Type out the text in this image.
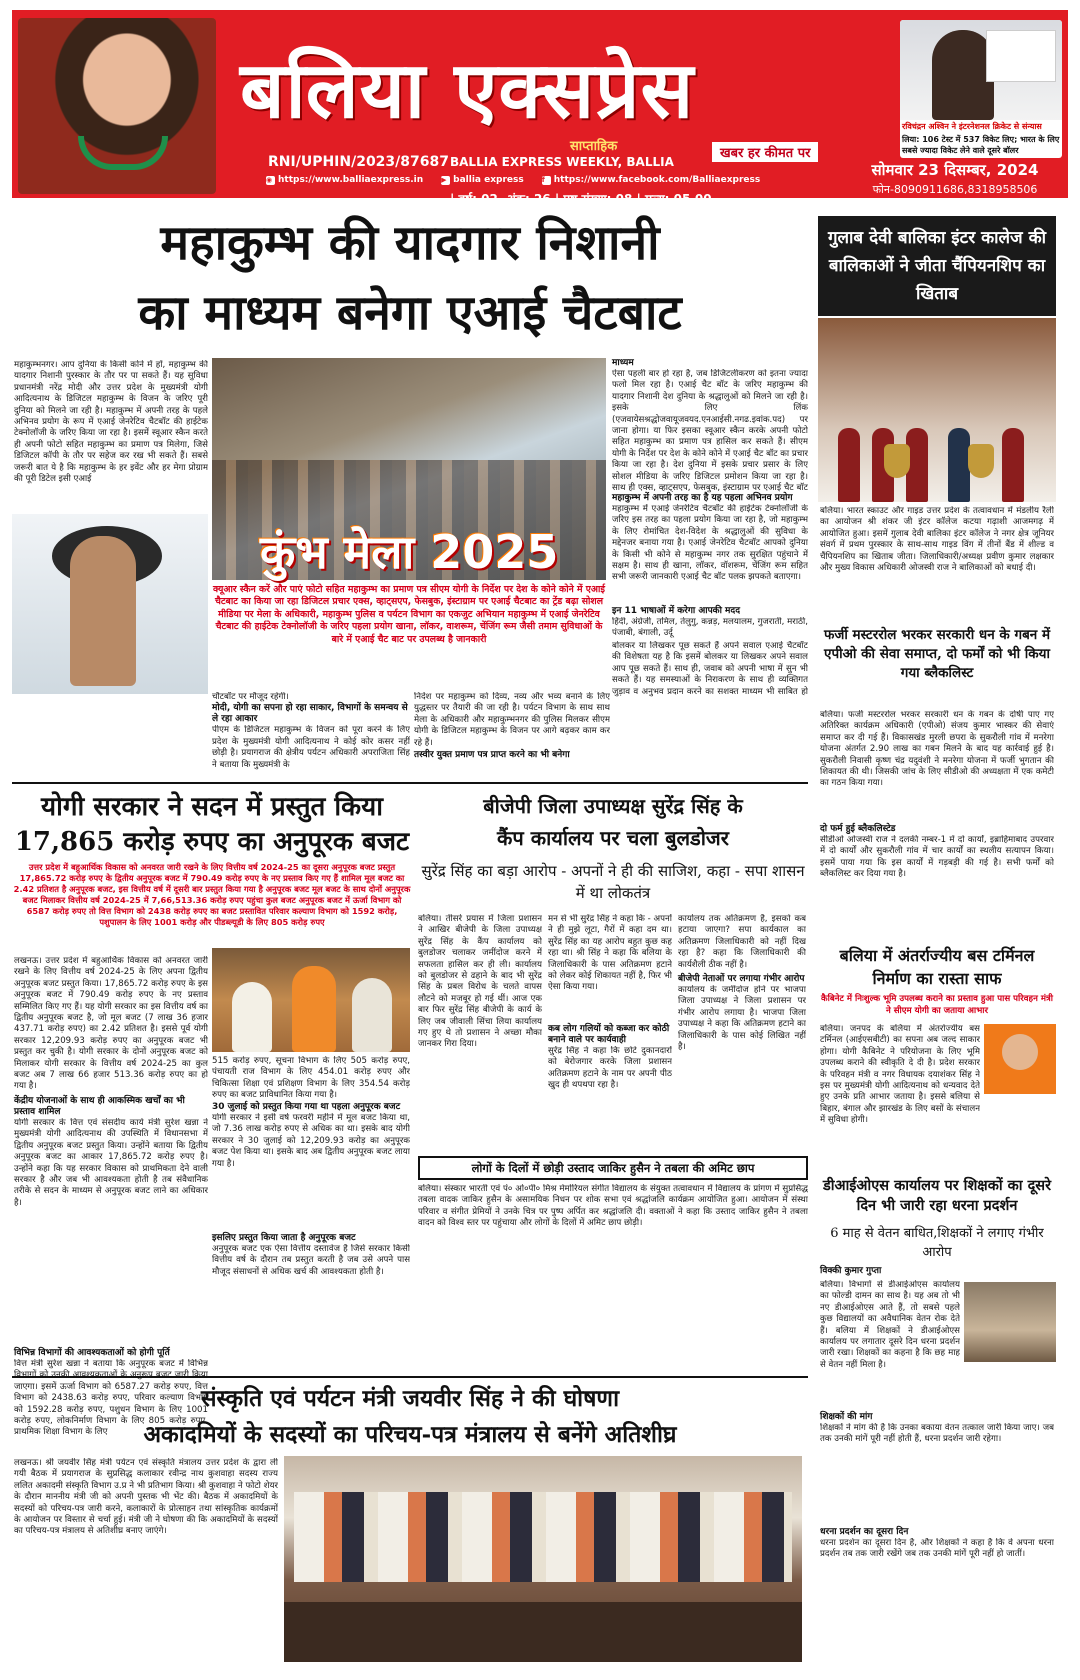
बलिया एक्सप्रेस
साप्ताहिक	खबर हर कीमत पर
RNI/UPHIN/2023/87687 BALLIA EXPRESS WEEKLY, BALLIA
◉ https://www.balliaexpress.in	▶ ballia express	f https://www.facebook.com/Balliaexpress
| वर्ष: 02, अंक: 26 | पृष्ठ संख्या: 08 | मूल्य: 05.00
रविचंद्रन अश्विन ने इंटरनेशनल क्रिकेट से संन्यास
लिया: 106 टेस्ट में 537 विकेट लिए; भारत के लिए सबसे ज्यादा विकेट लेने वाले दूसरे बॉलर
सोमवार 23 दिसम्बर, 2024
फोन-8090911686,8318958506
महाकुम्भ की यादगार निशानी
का माध्यम बनेगा एआई चैटबाट
महाकुम्भनगर। आप दुनिया के किसी कोने में हों, महाकुम्भ की यादगार निशानी पुरस्कार के तौर पर पा सकते हैं। यह सुविधा प्रधानमंत्री नरेंद्र मोदी और उत्तर प्रदेश के मुख्यमंत्री योगी आदित्यनाथ के डिजिटल महाकुम्भ के विजन के जरिए पूरी दुनिया को मिलने जा रही है। महाकुम्भ में अपनी तरह के पहले अभिनव प्रयोग के रूप में एआई जेनरेटिव चैटबॉट की हाईटेक टेक्नोलॉजी के जरिए किया जा रहा है। इसमें स्वूआर स्कैन करते ही अपनी फोटो सहित महाकुम्भ का प्रमाण पत्र मिलेगा, जिसे डिजिटल कॉपी के तौर पर सहेज कर रख भी सकते हैं। सबसे जरूरी बात ये है कि महाकुम्भ के हर इवेंट और हर मेगा प्रोग्राम की पूरी डिटेल इसी एआई
कुंभ मेला 2025
क्यूआर स्कैन करें और पाएं फोटो सहित महाकुम्भ का प्रमाण पत्र सीएम योगी के निर्देश पर देश के कोने कोने में एआई चैटबाट का किया जा रहा डिजिटल प्रचार एक्स, व्हाट्सएप, फेसबुक, इंस्टाग्राम पर एआई चैटबाट का ट्रेंड बढ़ा सोशल मीडिया पर मेला के अधिकारी, महाकुम्भ पुलिस व पर्यटन विभाग का एकजुट अभियान महाकुम्भ में एआई जेनरेटिव चैटबाट की हाईटेक टेक्नोलॉजी के जरिए पहला प्रयोग खाना, लॉकर, वाशरूम, चेंजिंग रूम जैसी तमाम सुविधाओं के बारे में एआई चैट बाट पर उपलब्ध है जानकारी
माध्यम
ऐसा पहली बार हो रहा है, जब डिजिटलीकरण को इतना ज्यादा फलो मिल रहा है। एआई चैट बॉट के जरिए महाकुम्भ की यादगार निशानी देश दुनिया के श्रद्धालुओं को मिलने जा रही है। इसके लिए लिंक (एजवायेसश्रद्धोजवायूजवयद.एनआईसी.नगढ.इवांक.पद) पर जाना होगा। या फिर इसका स्वूआर स्कैन करके अपनी फोटो सहित महाकुम्भ का प्रमाण पत्र हासिल कर सकते हैं। सीएम योगी के निर्देश पर देश के कोने कोने में एआई चैट बॉट का प्रचार किया जा रहा है। देश दुनिया में इसके प्रचार प्रसार के लिए सोशल मीडिया के जरिए डिजिटल प्रमोशन किया जा रहा है। साथ ही एक्स, व्हाट्सएप, फेसबुक, इंस्टाग्राम पर एआई चैट बॉट
महाकुम्भ में अपनी तरह का है यह पहला अभिनव प्रयोग
महाकुम्भ में एआई जेनरेटिव चैटबॉट की हाईटेक टेक्नोलॉजी के जरिए इस तरह का पहला प्रयोग किया जा रहा है, जो महाकुम्भ के लिए रोमांचित देश-विदेश के श्रद्धालुओं की सुविधा के मद्देनजर बनाया गया है। एआई जेनरेटिव चैटबॉट आपको दुनिया के किसी भी कोने से महाकुम्भ नगर तक सुरक्षित पहुंचाने में सक्षम है। साथ ही खाना, लॉकर, वॉशरूम, चेंजिंग रूम सहित सभी जरूरी जानकारी एआई चैट बॉट पलक झपकते बताएगा।
इन 11 भाषाओं में करेगा आपकी मदद
हिंदी, अंग्रेजी, तमिल, तेलुगु, कन्नड़, मलयालम, गुजराती, मराठी, पंजाबी, बंगाली, उर्दू
बोलकर या लिखकर पूछ सकते हैं अपने सवाल एआई चैटबॉट की विशेषता यह है कि इसमें बोलकर या लिखकर अपने सवाल आप पूछ सकते हैं। साथ ही, जवाब को अपनी भाषा में सुन भी सकते हैं। यह समस्याओं के निराकरण के साथ ही व्यक्तिगत जुड़ाव व अनुभव प्रदान करने का सशक्त माध्यम भी साबित हो
चौटबॉट पर मौजूद रहेगी।
मोदी, योगी का सपना हो रहा साकार, विभागों के समन्वय से ले रहा आकार
पीएम के डिजिटल महाकुम्भ के विजन को पूरा करने के लिए प्रदेश के मुख्यमंत्री योगी आदित्यनाथ ने कोई कोर कसर नहीं छोड़ी है। प्रयागराज की क्षेत्रीय पर्यटन अधिकारी अपराजिता सिंह ने बताया कि मुख्यमंत्री के
निर्देश पर महाकुम्भ को दिव्य, नव्य और भव्य बनाने के लिए युद्धस्तर पर तैयारी की जा रही है। पर्यटन विभाग के साथ साथ मेला के अधिकारी और महाकुम्भनगर की पुलिस मिलकर सीएम योगी के डिजिटल महाकुम्भ के विजन पर आगे बढ़कर काम कर रहे हैं।
तस्वीर युक्त प्रमाण पत्र प्राप्त करने का भी बनेगा
योगी सरकार ने सदन में प्रस्तुत किया
17,865 करोड़ रुपए का अनुपूरक बजट
उत्तर प्रदेश में बहुआर्थिक विकास को अनवरत जारी रखने के लिए वित्तीय वर्ष 2024-25 का दूसरा अनुपूरक बजट प्रस्तुत 17,865.72 करोड़ रुपए के द्वितीय अनुपूरक बजट में 790.49 करोड़ रुपए के नए प्रस्ताव किए गए हैं शामिल मूल बजट का 2.42 प्रतिशत है अनुपूरक बजट, इस वित्तीय वर्ष में दूसरी बार प्रस्तुत किया गया है अनुपूरक बजट मूल बजट के साथ दोनों अनुपूरक बजट मिलाकर वित्तीय वर्ष 2024-25 में 7,66,513.36 करोड़ रुपए पहुंचा कुल बजट अनुपूरक बजट में ऊर्जा विभाग को 6587 करोड़ रुपए तो वित्त विभाग को 2438 करोड़ रुपए का बजट प्रस्तावित परिवार कल्याण विभाग को 1592 करोड़, पशुपालन के लिए 1001 करोड़ और पीडब्ल्यूडी के लिए 805 करोड़ रुपए
लखनऊ। उत्तर प्रदेश में बहुआर्थिक विकास को अनवरत जारी रखने के लिए वित्तीय वर्ष 2024-25 के लिए अपना द्वितीय अनुपूरक बजट प्रस्तुत किया। 17,865.72 करोड़ रुपए के इस अनुपूरक बजट में 790.49 करोड़ रुपए के नए प्रस्ताव सम्मिलित किए गए हैं। यह योगी सरकार का इस वित्तीय वर्ष का द्वितीय अनुपूरक बजट है, जो मूल बजट (7 लाख 36 हजार 437.71 करोड़ रुपए) का 2.42 प्रतिशत है। इससे पूर्व योगी सरकार 12,209.93 करोड़ रुपए का अनुपूरक बजट भी प्रस्तुत कर चुकी है। योगी सरकार के दोनों अनुपूरक बजट को मिलाकर योगी सरकार के वित्तीय वर्ष 2024-25 का कुल बजट अब 7 लाख 66 हजार 513.36 करोड़ रुपए का हो गया है।
केंद्रीय योजनाओं के साथ ही आकस्मिक खर्चों का भी प्रस्ताव शामिल
योगी सरकार के वित्त एवं संसदीय कार्य मंत्री सुरेश खन्ना ने मुख्यमंत्री योगी आदित्यनाथ की उपस्थिति में विधानसभा में द्वितीय अनुपूरक बजट प्रस्तुत किया। उन्होंने बताया कि द्वितीय अनुपूरक बजट का आकार 17,865.72 करोड़ रुपए है। उन्होंने कहा कि यह सरकार विकास को प्राथमिकता देने वाली सरकार है और जब भी आवश्यकता होती है तब संवैधानिक तरीके से सदन के माध्यम से अनुपूरक बजट लाने का अधिकार है।
विभिन्न विभागों की आवश्यकताओं को होगी पूर्ति
वित्त मंत्री सुरेश खन्ना ने बताया कि अनुपूरक बजट में विभिन्न विभागों को उनकी आवश्यकताओं के अनुरूप बजट जारी किया जाएगा। इसमें ऊर्जा विभाग को 6587.27 करोड़ रुपए, वित्त विभाग को 2438.63 करोड़ रुपए, परिवार कल्याण विभाग को 1592.28 करोड़ रुपए, पशुधन विभाग के लिए 1001 करोड़ रुपए, लोकनिर्माण विभाग के लिए 805 करोड़ रुपए, प्राथमिक शिक्षा विभाग के लिए
515 करोड़ रुपए, सूचना विभाग के लिए 505 करोड़ रुपए, पंचायती राज विभाग के लिए 454.01 करोड़ रुपए और चिकित्सा शिक्षा एवं प्रशिक्षण विभाग के लिए 354.54 करोड़ रुपए का बजट प्राविधानित किया गया है।
30 जुलाई को प्रस्तुत किया गया था पहला अनुपूरक बजट
योगी सरकार ने इसी वर्ष फरवरी महीने में मूल बजट किया था, जो 7.36 लाख करोड़ रुपए से अधिक का था। इसके बाद योगी सरकार ने 30 जुलाई को 12,209.93 करोड़ का अनुपूरक बजट पेश किया था। इसके बाद अब द्वितीय अनुपूरक बजट लाया गया है।
इसलिए प्रस्तुत किया जाता है अनुपूरक बजट
अनुपूरक बजट एक ऐसा वित्तीय दस्तावेज है जिसे सरकार किसी वित्तीय वर्ष के दौरान तब प्रस्तुत करती है जब उसे अपने पास मौजूद संसाधनों से अधिक खर्च की आवश्यकता होती है।
बीजेपी जिला उपाध्यक्ष सुरेंद्र सिंह के
कैंप कार्यालय पर चला बुलडोजर
सुरेंद्र सिंह का बड़ा आरोप - अपनों ने ही की साजिश, कहा - सपा शासन में था लोकतंत्र
बलिया। तीसरे प्रयास में जिला प्रशासन ने आखिर बीजेपी के जिला उपाध्यक्ष सुरेंद्र सिंह के कैंप कार्यालय को बुलडोजर चलाकर जमींदोज करने में सफलता हासिल कर ही ली। कार्यालय को बुलडोजर से ढहाने के बाद भी सुरेंद्र सिंह के प्रबल विरोध के चलते वापस लौटने को मजबूर हो गई थीं। आज एक बार फिर सुरेंद्र सिंह बीजेपी के कार्य के लिए जब जीवाली सिंचा लिया कार्यालय गए हुए थे तो प्रशासन ने अच्छा मौका जानकर गिरा दिया।
मन से भी सुरेंद्र सिंह ने कहा कि - अपनों ने ही मुझे लूटा, गैरों में कहा दम था। सुरेंद्र सिंह का यह आरोप बहुत कुछ कह रहा था। श्री सिंह ने कहा कि बलिया के जिलाधिकारी के पास अतिक्रमण हटाने को लेकर कोई शिकायत नहीं है, फिर भी ऐसा किया गया।
कब लोग गलियों को कब्जा कर कोठी बनाने वाले पर कार्यवाही
सुरेंद्र सिंह ने कहा कि छोटे दुकानदारों को बेरोजगार करके जिला प्रशासन अतिक्रमण हटाने के नाम पर अपनी पीठ खुद ही थपथपा रहा है।
कार्यालय तक अतिक्रमण है, इसको कब हटाया जाएगा? सपा कार्यकाल का अतिक्रमण जिलाधिकारी को नहीं दिख रहा है? कहा कि जिलाधिकारी की कार्यशैली ठीक नहीं है।
बीजेपी नेताओं पर लगाया गंभीर आरोप
कार्यालय के जमींदोज होने पर भाजपा जिला उपाध्यक्ष ने जिला प्रशासन पर गंभीर आरोप लगाया है। भाजपा जिला उपाध्यक्ष ने कहा कि अतिक्रमण हटाने का जिलाधिकारी के पास कोई लिखित नहीं है।
लोगों के दिलों में छोड़ी उस्ताद जाकिर हुसैन ने तबला की अमिट छाप
बलिया। संस्कार भारती एवं पं० ओ०पी० मिश्र मेमोरियल संगीत विद्यालय के संयुक्त तत्वावधान में विद्यालय के प्रांगण में सुप्रसिद्ध तबला वादक जाकिर हुसैन के असामयिक निधन पर शोक सभा एवं श्रद्धांजलि कार्यक्रम आयोजित हुआ। आयोजन में संस्था परिवार व संगीत प्रेमियों ने उनके चित्र पर पुष्प अर्पित कर श्रद्धांजलि दी। वक्ताओं ने कहा कि उस्ताद जाकिर हुसैन ने तबला वादन को विश्व स्तर पर पहुंचाया और लोगों के दिलों में अमिट छाप छोड़ी।
संस्कृति एवं पर्यटन मंत्री जयवीर सिंह ने की घोषणा
अकादमियों के सदस्यों का परिचय-पत्र मंत्रालय से बनेंगे अतिशीघ्र
लखनऊ। श्री जयवीर सिंह मंत्री पर्यटन एवं संस्कृति मंत्रालय उत्तर प्रदेश के द्वारा ली गयी बैठक में प्रयागराज के सुप्रसिद्ध कलाकार रवीन्द्र नाथ कुशवाहा सदस्य राज्य ललित अकादमी संस्कृति विभाग उ.प्र ने भी प्रतिभाग किया। श्री कुशवाहा ने फोटो शेयर के दौरान माननीय मंत्री जी को अपनी पुस्तक भी भेंट की। बैठक में अकादमियों के सदस्यों को परिचय-पत्र जारी करने, कलाकारों के प्रोत्साहन तथा सांस्कृतिक कार्यक्रमों के आयोजन पर विस्तार से चर्चा हुई। मंत्री जी ने घोषणा की कि अकादमियों के सदस्यों का परिचय-पत्र मंत्रालय से अतिशीघ्र बनाए जाएंगे।
गुलाब देवी बालिका इंटर कालेज की बालिकाओं ने जीता चैंपियनशिप का खिताब
बलिया। भारत स्काउट और गाइड उत्तर प्रदेश के तत्वावधान में मंडलीय रैली का आयोजन श्री शंकर जी इंटर कॉलेज कटया गढ़ाशी आजमगढ़ में आयोजित हुआ। इसमें गुलाब देवी बालिका इंटर कॉलेज ने नगर क्षेत्र जूनियर संवर्ग में प्रथम पुरस्कार के साथ-साथ गाइड विंग में तीनों बैंड में शील्ड व चैंपियनशिप का खिताब जीता। जिलाधिकारी/अध्यक्ष प्रवीण कुमार लक्षकार और मुख्य विकास अधिकारी ओजस्वी राज ने बालिकाओं को बधाई दी।
फर्जी मस्टररोल भरकर सरकारी धन के गबन में एपीओ की सेवा समाप्त, दो फर्मों को भी किया गया ब्लैकलिस्ट
बलिया। फर्जी मस्टररोल भरकर सरकारी धन के गबन के दोषी पाए गए अतिरिक्त कार्यक्रम अधिकारी (एपीओ) संजय कुमार भास्कर की सेवाएं समाप्त कर दी गई हैं। विकासखंड मुरली छपरा के सुकरौली गांव में मनरेगा योजना अंतर्गत 2.90 लाख का गबन मिलने के बाद यह कार्रवाई हुई है। सुकरौली निवासी कृष्ण चंद्र यदुवंशी ने मनरेगा योजना में फर्जी भुगतान की शिकायत की थी। जिसकी जांच के लिए सीडीओ की अध्यक्षता में एक कमेटी का गठन किया गया।
दो फर्म हुई ब्लैकलिस्टेड
सीडीओ ओजस्वी राज ने दलकी नम्बर-1 में दो कार्यों, इब्राहिमाबाद उपरवार में दो कार्यों और सुकरौली गांव में चार कार्यों का स्थलीय सत्यापन किया। इसमें पाया गया कि इस कार्यों में गड़बड़ी की गई है। सभी फर्मों को ब्लैकलिस्ट कर दिया गया है।
बलिया में अंतर्राज्यीय बस टर्मिनल निर्माण का रास्ता साफ
कैबिनेट में निःशुल्क भूमि उपलब्ध कराने का प्रस्ताव हुआ पास परिवहन मंत्री ने सीएम योगी का जताया आभार
बलिया। जनपद के बलिया में अंतर्राज्यीय बस टर्मिनल (आईएसबीटी) का सपना अब जल्द साकार होगा। योगी कैबिनेट ने परियोजना के लिए भूमि उपलब्ध कराने की स्वीकृति दे दी है। प्रदेश सरकार के परिवहन मंत्री व नगर विधायक दयाशंकर सिंह ने इस पर मुख्यमंत्री योगी आदित्यनाथ को धन्यवाद देते हुए उनके प्रति आभार जताया है। इससे बलिया से बिहार, बंगाल और झारखंड के लिए बसों के संचालन में सुविधा होगी।
डीआईओएस कार्यालय पर शिक्षकों का दूसरे दिन भी जारी रहा धरना प्रदर्शन
6 माह से वेतन बाधित,शिक्षकों ने लगाए गंभीर आरोप
विक्की कुमार गुप्ता
बलिया। विभागों से डीआईओएस कार्यालय का फोल्डी दामन का साथ है। यह अब तो भी नए डीआईओएस आते हैं, तो सबसे पहले कुछ विद्यालयों का अवैधानिक वेतन रोक देते हैं। बलिया में शिक्षकों ने डीआईओएस कार्यालय पर लगातार दूसरे दिन धरना प्रदर्शन जारी रखा। शिक्षकों का कहना है कि छह माह से वेतन नहीं मिला है।
शिक्षकों की मांग
शिक्षकों ने मांग की है कि उनका बकाया वेतन तत्काल जारी किया जाए। जब तक उनकी मांगें पूरी नहीं होती हैं, धरना प्रदर्शन जारी रहेगा।
धरना प्रदर्शन का दूसरा दिन
धरना प्रदर्शन का दूसरा दिन है, और शिक्षकों ने कहा है कि वे अपना धरना प्रदर्शन तब तक जारी रखेंगे जब तक उनकी मांगें पूरी नहीं हो जातीं।
